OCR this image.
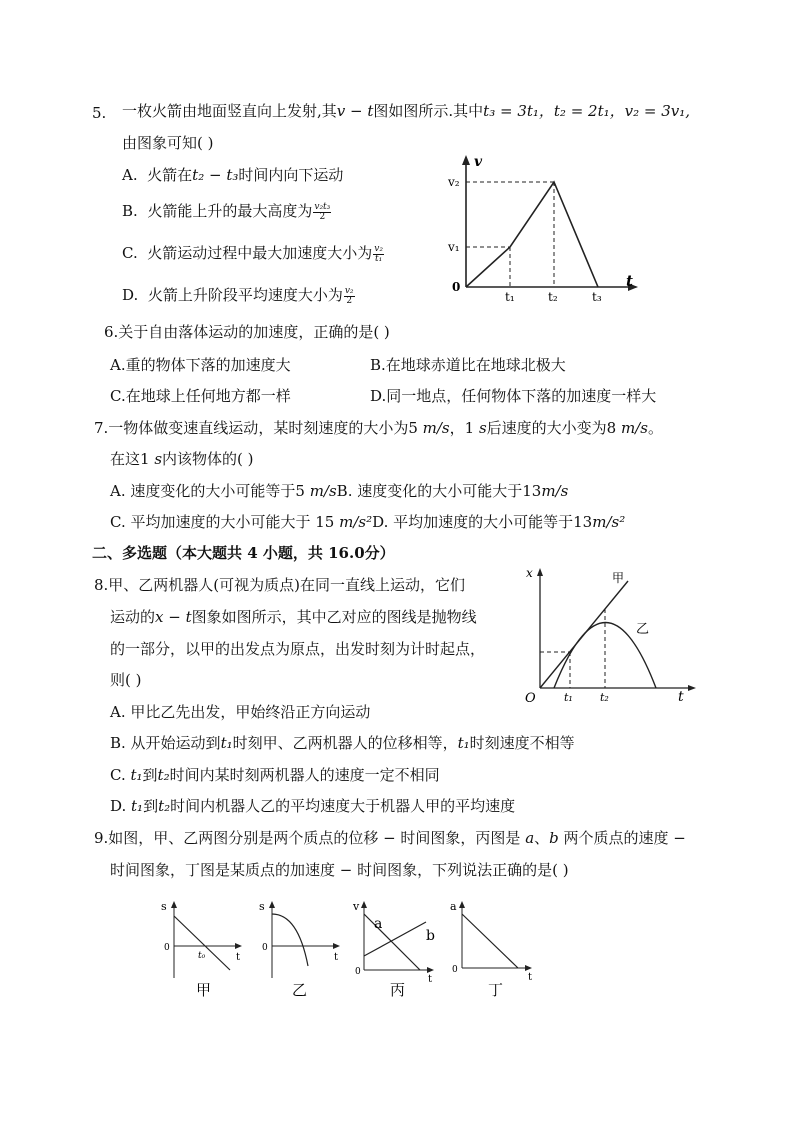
5. 一枚火箭由地面竖直向上发射,其v − t图如图所示.其中t₃ = 3t₁，t₂ = 2t₁，v₂ = 3v₁,
由图象可知( )
A. 火箭在t₂ − t₃时间内向下运动
B. 火箭能上升的最大高度为 $\frac{\text{v₂t₃}}{2}$
C. 火箭运动过程中最大加速度大小为 $\frac{\text{v₂}}{\text{t₁}}$
D. 火箭上升阶段平均速度大小为 $\frac{\text{v₂}}{2}$
v
t
0
v₂
v₁
t₁	t₂	t₃
6.关于自由落体运动的加速度，正确的是( )
A.重的物体下落的加速度大	B.在地球赤道比在地球北极大
C.在地球上任何地方都一样	D.同一地点，任何物体下落的加速度一样大
7.一物体做变速直线运动，某时刻速度的大小为5 m/s，1 s后速度的大小变为8 m/s。
在这1 s内该物体的( )
A. 速度变化的大小可能等于5 m/sB. 速度变化的大小可能大于13m/s
C. 平均加速度的大小可能大于 15 m/s²D. 平均加速度的大小可能等于13m/s²
二、多选题（本大题共 4 小题，共 16.0分）
8.甲、乙两机器人(可视为质点)在同一直线上运动，它们
运动的x − t图象如图所示，其中乙对应的图线是抛物线
的一部分，以甲的出发点为原点，出发时刻为计时起点，
则( )
A. 甲比乙先出发，甲始终沿正方向运动
B. 从开始运动到t₁时刻甲、乙两机器人的位移相等，t₁时刻速度不相等
C. t₁到t₂时间内某时刻两机器人的速度一定不相同
D. t₁到t₂时间内机器人乙的平均速度大于机器人甲的平均速度
x
t
O
甲
乙
t₁ t₂
9.如图，甲、乙两图分别是两个质点的位移 − 时间图象，丙图是 a、b 两个质点的速度 −
时间图象，丁图是某质点的加速度 − 时间图象，下列说法正确的是( )
s
0
t₀	t
甲
s
0
t
乙
v
0
a
b
t
丙
a
0
t
丁
